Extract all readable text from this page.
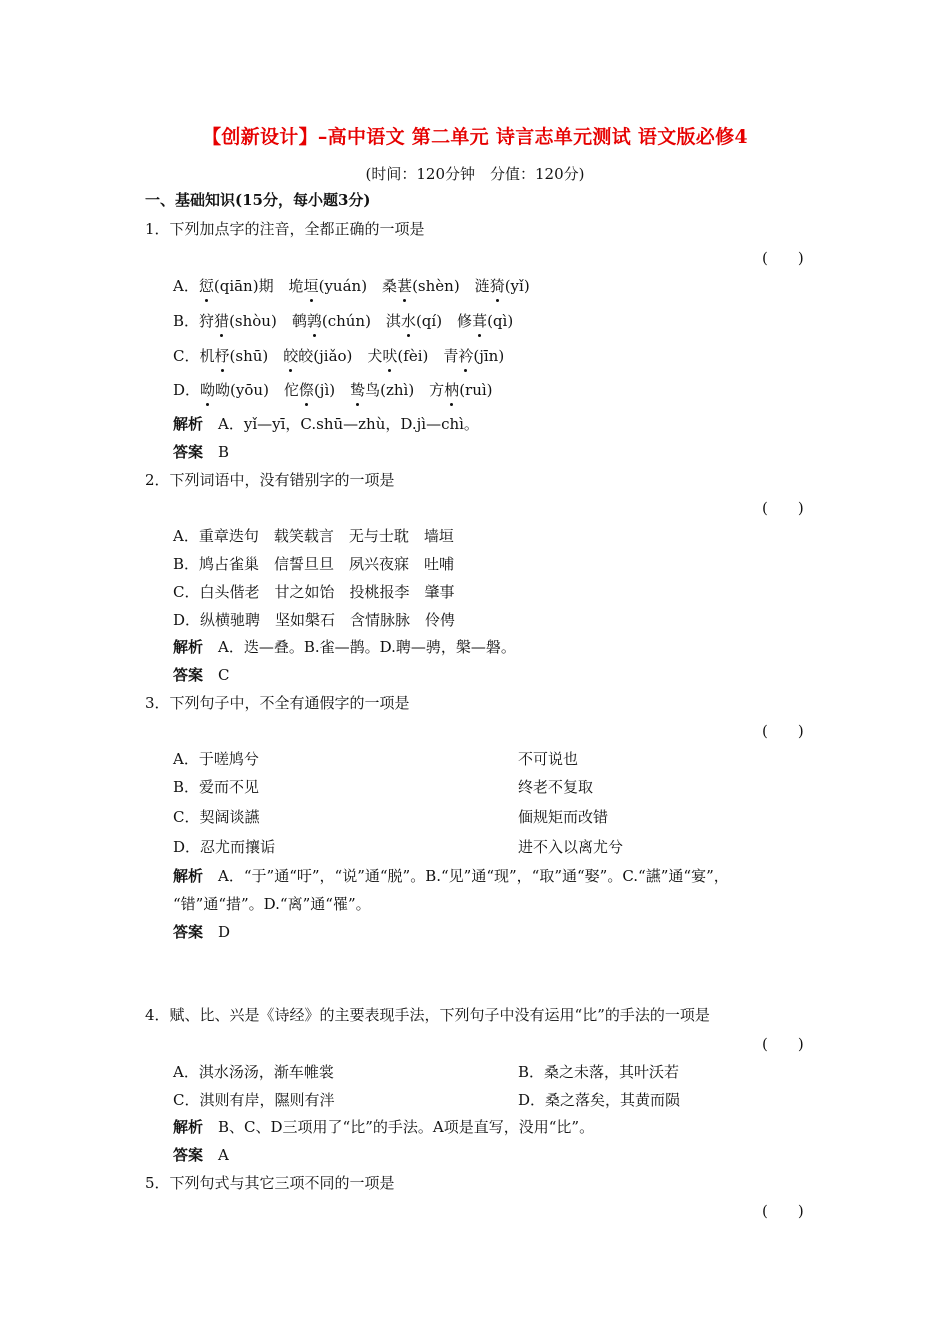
【创新设计】–高中语文 第二单元 诗言志单元测试 语文版必修4
(时间：120分钟　分值：120分)
一、基础知识(15分，每小题3分)
1．下列加点字的注音，全都正确的一项是
(　　)
A．愆(qiān)期　垝垣(yuán)　桑葚(shèn)　涟猗(yǐ)
B．狩猎(shòu)　鹌鹑(chún)　淇水(qí)　修葺(qì)
C．机杼(shū)　皎皎(jiǎo)　犬吠(fèi)　青衿(jīn)
D．呦呦(yōu)　佗傺(jì)　鸷鸟(zhì)　方枘(ruì)
解析　 A．yǐ—yī，C.shū—zhù，D.jì—chì。
答案　 B
2．下列词语中，没有错别字的一项是
(　　)
A．重章迭句　载笑载言　无与士耽　墙垣
B．鸠占雀巢　信誓旦旦　夙兴夜寐　吐哺
C．白头偕老　甘之如饴　投桃报李　肇事
D．纵横驰聘　坚如槃石　含情脉脉　伶俜
解析　 A．迭—叠。B.雀—鹊。D.聘—骋，槃—磐。
答案　 C
3．下列句子中，不全有通假字的一项是
(　　)
A．于嗟鸠兮	不可说也
B．爱而不见	终老不复取
C．契阔谈讌	偭规矩而改错
D．忍尤而攘诟	进不入以离尤兮
解析　 A．“于”通“吁”，“说”通“脱”。B.“见”通“现”，“取”通“娶”。C.“讌”通“宴”，
“错”通“措”。D.“离”通“罹”。
答案　 D
4．赋、比、兴是《诗经》的主要表现手法，下列句子中没有运用“比”的手法的一项是
(　　)
A．淇水汤汤，渐车帷裳	B．桑之未落，其叶沃若
C．淇则有岸，隰则有泮	D．桑之落矣，其黄而陨
解析　 B、C、D三项用了“比”的手法。A项是直写，没用“比”。
答案　 A
5．下列句式与其它三项不同的一项是
(　　)
